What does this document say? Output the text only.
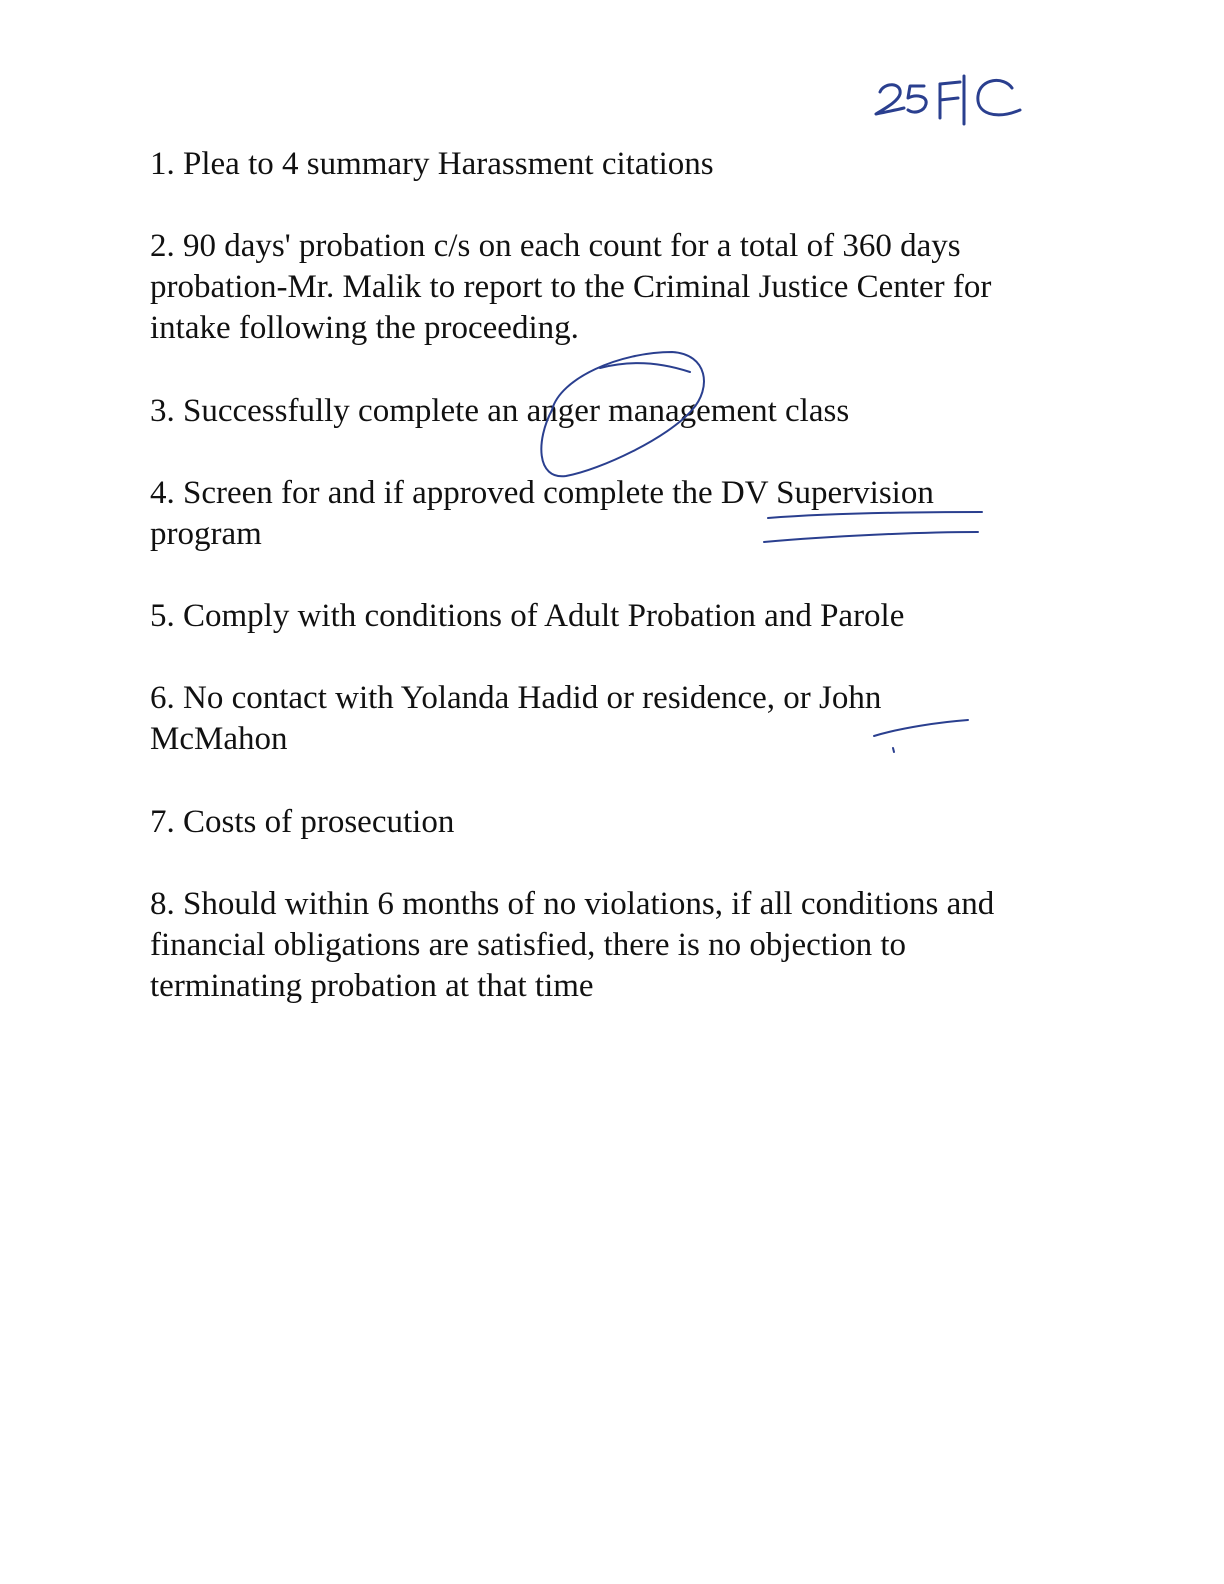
1. Plea to 4 summary Harassment citations
2. 90 days' probation c/s on each count for a total of 360 days
probation-Mr. Malik to report to the Criminal Justice Center for
intake following the proceeding.
3. Successfully complete an anger management class
4. Screen for and if approved complete the DV Supervision
program
5. Comply with conditions of Adult Probation and Parole
6. No contact with Yolanda Hadid or residence, or John
McMahon
7. Costs of prosecution
8. Should within 6 months of no violations, if all conditions and
financial obligations are satisfied, there is no objection to
terminating probation at that time
